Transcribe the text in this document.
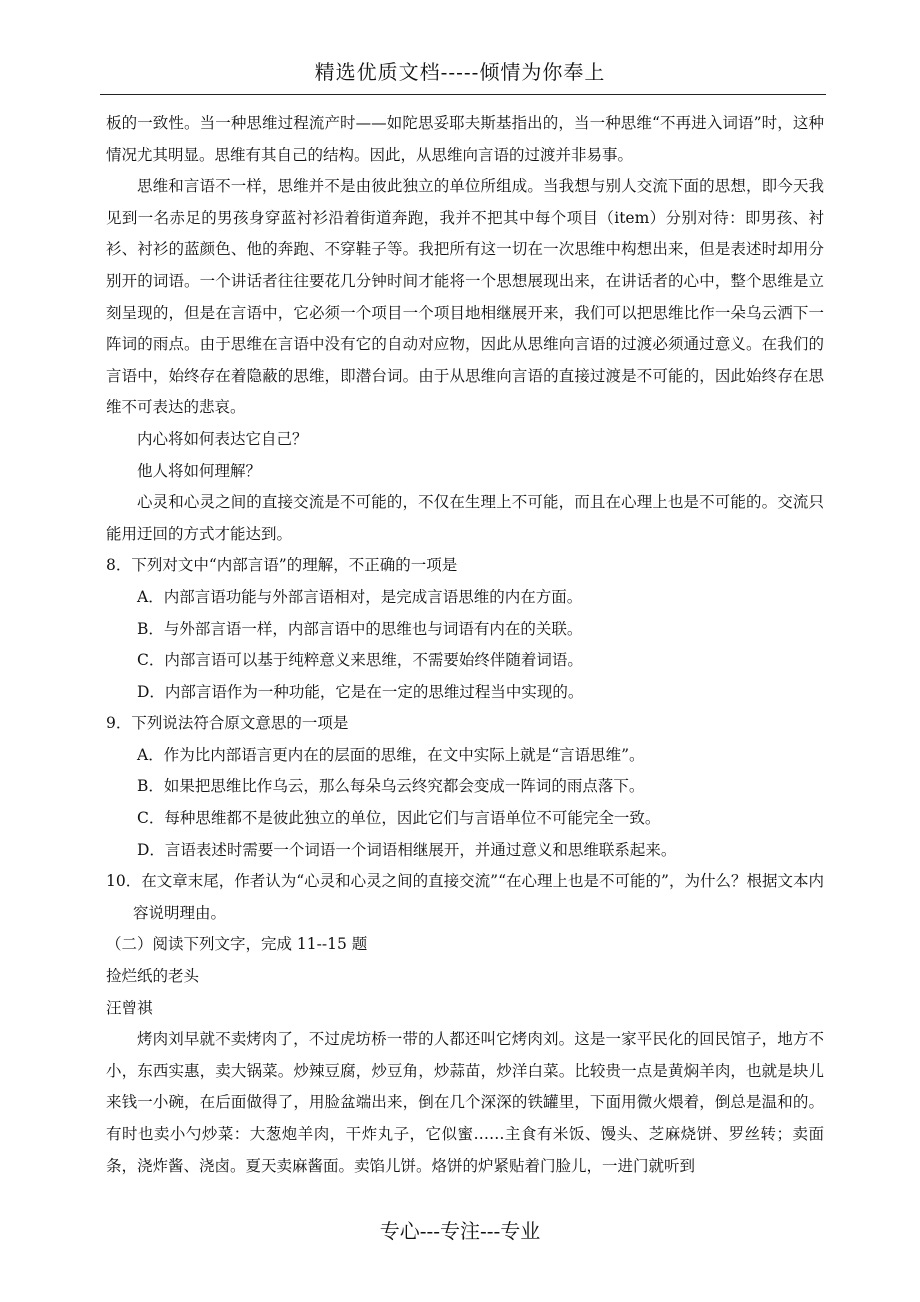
精选优质文档-----倾情为你奉上

板的一致性。当一种思维过程流产时——如陀思妥耶夫斯基指出的，当一种思维“不再进入词语”时，这种情况尤其明显。思维有其自己的结构。因此，从思维向言语的过渡并非易事。

思维和言语不一样，思维并不是由彼此独立的单位所组成。当我想与别人交流下面的思想，即今天我见到一名赤足的男孩身穿蓝衬衫沿着街道奔跑，我并不把其中每个项目（item）分别对待：即男孩、衬衫、衬衫的蓝颜色、他的奔跑、不穿鞋子等。我把所有这一切在一次思维中构想出来，但是表述时却用分别开的词语。一个讲话者往往要花几分钟时间才能将一个思想展现出来，在讲话者的心中，整个思维是立刻呈现的，但是在言语中，它必须一个项目一个项目地相继展开来，我们可以把思维比作一朵乌云洒下一阵词的雨点。由于思维在言语中没有它的自动对应物，因此从思维向言语的过渡必须通过意义。在我们的言语中，始终存在着隐蔽的思维，即潜台词。由于从思维向言语的直接过渡是不可能的，因此始终存在思维不可表达的悲哀。

内心将如何表达它自己？

他人将如何理解？

心灵和心灵之间的直接交流是不可能的，不仅在生理上不可能，而且在心理上也是不可能的。交流只能用迂回的方式才能达到。

8．下列对文中“内部言语”的理解，不正确的一项是

A．内部言语功能与外部言语相对，是完成言语思维的内在方面。

B．与外部言语一样，内部言语中的思维也与词语有内在的关联。

C．内部言语可以基于纯粹意义来思维，不需要始终伴随着词语。

D．内部言语作为一种功能，它是在一定的思维过程当中实现的。

9．下列说法符合原文意思的一项是

A．作为比内部语言更内在的层面的思维，在文中实际上就是“言语思维”。

B．如果把思维比作乌云，那么每朵乌云终究都会变成一阵词的雨点落下。

C．每种思维都不是彼此独立的单位，因此它们与言语单位不可能完全一致。

D．言语表述时需要一个词语一个词语相继展开，并通过意义和思维联系起来。

10．在文章末尾，作者认为“心灵和心灵之间的直接交流”“在心理上也是不可能的”，为什么？根据文本内容说明理由。

（二）阅读下列文字，完成 11--15 题

捡烂纸的老头

汪曾祺

烤肉刘早就不卖烤肉了，不过虎坊桥一带的人都还叫它烤肉刘。这是一家平民化的回民馆子，地方不小，东西实惠，卖大锅菜。炒辣豆腐，炒豆角，炒蒜苗，炒洋白菜。比较贵一点是黄焖羊肉，也就是块儿来钱一小碗，在后面做得了，用脸盆端出来，倒在几个深深的铁罐里，下面用微火煨着，倒总是温和的。有时也卖小勺炒菜：大葱炮羊肉，干炸丸子，它似蜜……主食有米饭、馒头、芝麻烧饼、罗丝转；卖面条，浇炸酱、浇卤。夏天卖麻酱面。卖馅儿饼。烙饼的炉紧贴着门脸儿，一进门就听到

专心---专注---专业
